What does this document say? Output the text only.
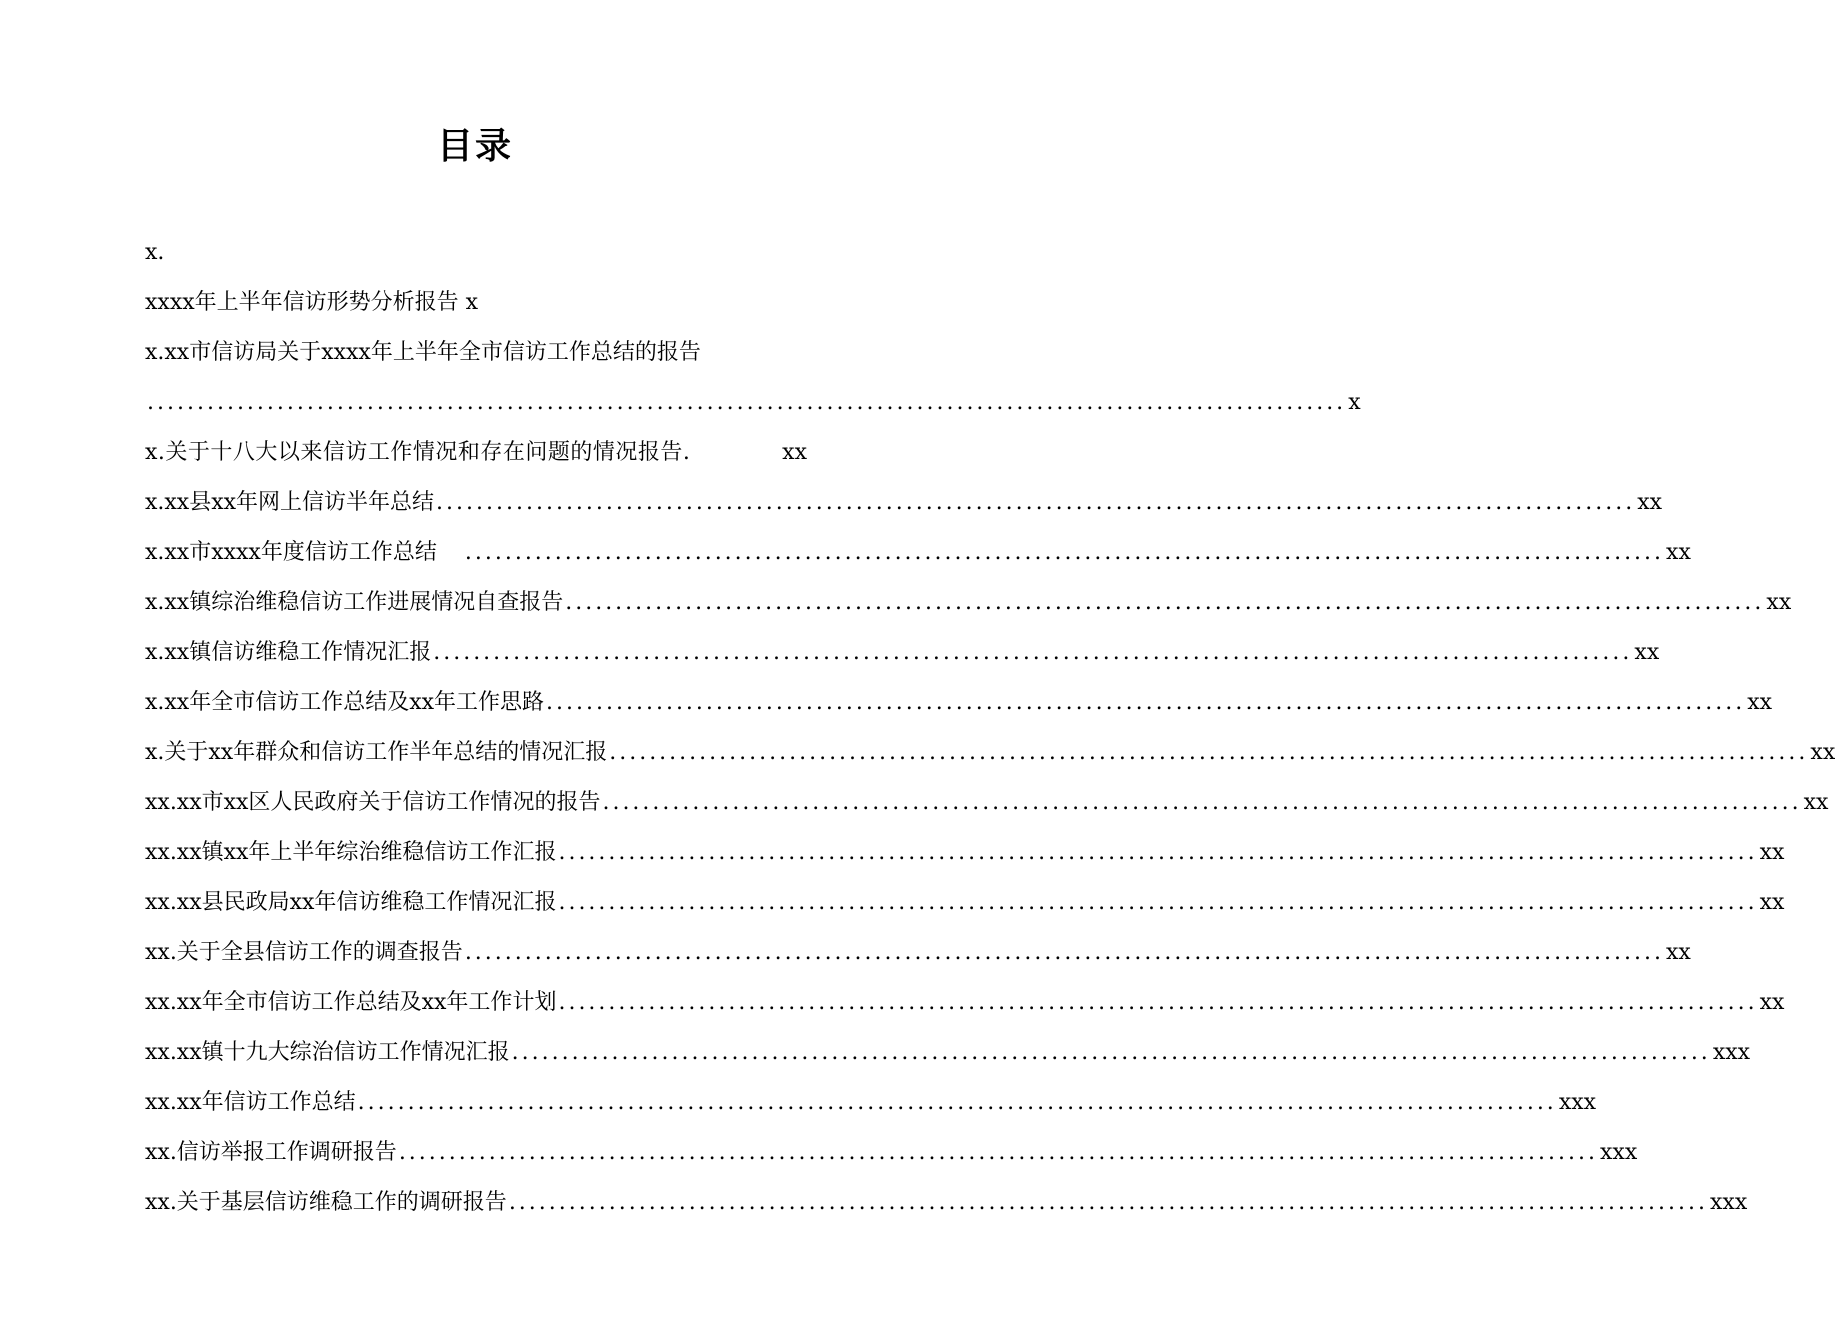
目录
x.
xxxx年上半年信访形势分析报告 x
x.xx市信访局关于xxxx年上半年全市信访工作总结的报告
........................................................................................................................ x
x.关于十八大以来信访工作情况和存在问题的情况报告.	xx
x.xx县xx年网上信访半年总结 ........................................................................................................................ xx
x.xx市xxxx年度信访工作总结 ........................................................................................................................ xx
x.xx镇综治维稳信访工作进展情况自查报告 ........................................................................................................................ xx
x.xx镇信访维稳工作情况汇报 ........................................................................................................................ xx
x.xx年全市信访工作总结及xx年工作思路 ........................................................................................................................ xx
x.关于xx年群众和信访工作半年总结的情况汇报 ........................................................................................................................ xx
xx.xx市xx区人民政府关于信访工作情况的报告 ........................................................................................................................ xx
xx.xx镇xx年上半年综治维稳信访工作汇报 ........................................................................................................................ xx
xx.xx县民政局xx年信访维稳工作情况汇报 ........................................................................................................................ xx
xx.关于全县信访工作的调查报告 ........................................................................................................................ xx
xx.xx年全市信访工作总结及xx年工作计划 ........................................................................................................................ xx
xx.xx镇十九大综治信访工作情况汇报 ........................................................................................................................ xxx
xx.xx年信访工作总结 ........................................................................................................................ xxx
xx.信访举报工作调研报告 ........................................................................................................................ xxx
xx.关于基层信访维稳工作的调研报告 ........................................................................................................................ xxx
